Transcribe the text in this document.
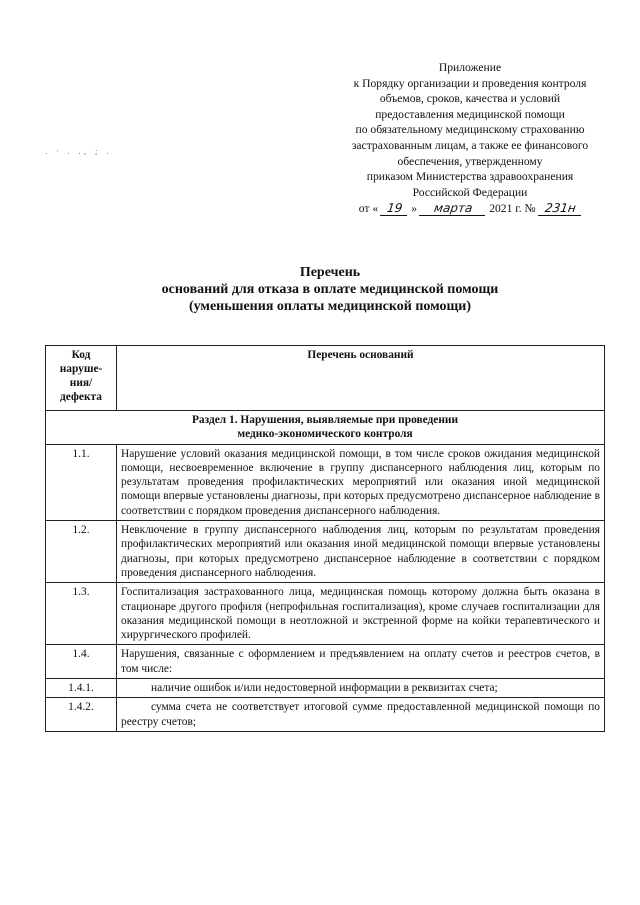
Приложение
к Порядку организации и проведения контроля
объемов, сроков, качества и условий
предоставления медицинской помощи
по обязательному медицинскому страхованию
застрахованным лицам, а также ее финансового
обеспечения, утвержденному
приказом Министерства здравоохранения
Российской Федерации
от « 19 » марта 2021 г. № 231н
. · . ., ; .
Перечень
оснований для отказа в оплате медицинской помощи
(уменьшения оплаты медицинской помощи)
Код наруше-ния/ дефекта	Перечень оснований

Раздел 1. Нарушения, выявляемые при проведении
медико-экономического контроля	

1.1.	Нарушение условий оказания медицинской помощи, в том числе сроков ожидания медицинской помощи, несвоевременное включение в группу диспансерного наблюдения лиц, которым по результатам проведения профилактических мероприятий или оказания иной медицинской помощи впервые установлены диагнозы, при которых предусмотрено диспансерное наблюдение в соответствии с порядком проведения диспансерного наблюдения.
1.2.	Невключение в группу диспансерного наблюдения лиц, которым по результатам проведения профилактических мероприятий или оказания иной медицинской помощи впервые установлены диагнозы, при которых предусмотрено диспансерное наблюдение в соответствии с порядком проведения диспансерного наблюдения.
1.3.	Госпитализация застрахованного лица, медицинская помощь которому должна быть оказана в стационаре другого профиля (непрофильная госпитализация), кроме случаев госпитализации для оказания медицинской помощи в неотложной и экстренной форме на койки терапевтического и хирургического профилей.
1.4.	Нарушения, связанные с оформлением и предъявлением на оплату счетов и реестров счетов, в том числе:
1.4.1.	наличие ошибок и/или недостоверной информации в реквизитах счета;
1.4.2.	сумма счета не соответствует итоговой сумме предоставленной медицинской помощи по реестру счетов;
